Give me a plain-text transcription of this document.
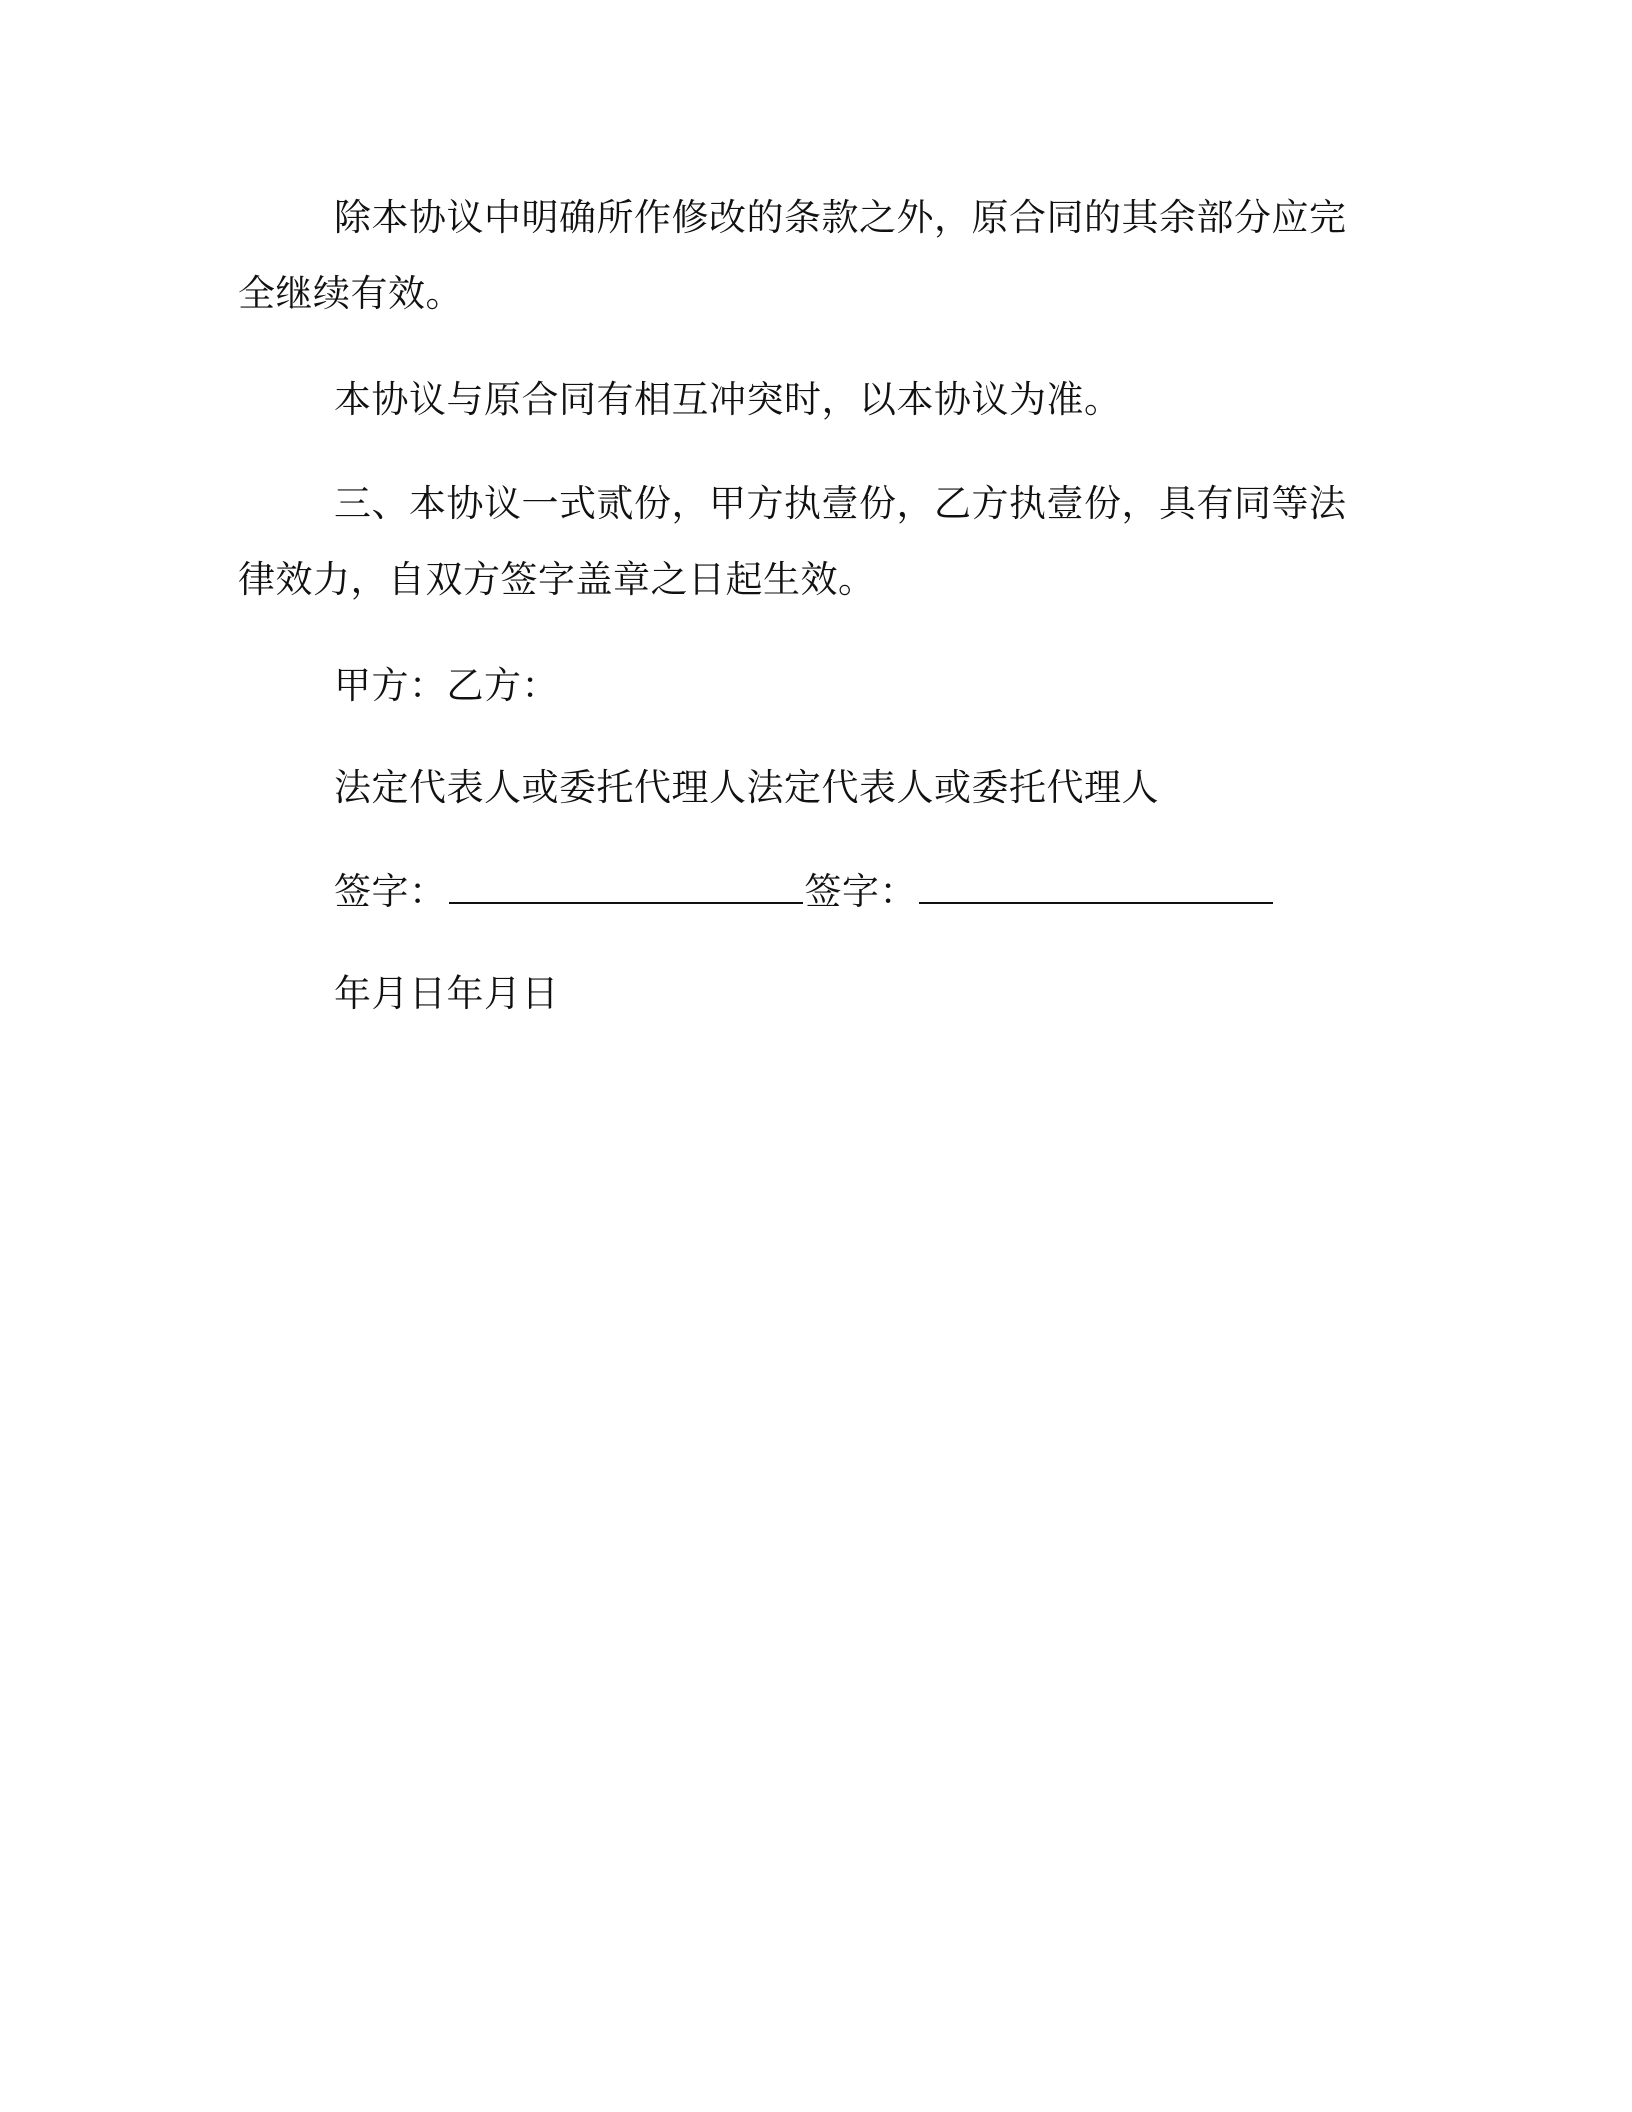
除本协议中明确所作修改的条款之外，原合同的其余部分应完全继续有效。

本协议与原合同有相互冲突时，以本协议为准。

三、本协议一式贰份，甲方执壹份，乙方执壹份，具有同等法律效力，自双方签字盖章之日起生效。

甲方：乙方：

法定代表人或委托代理人法定代表人或委托代理人

签字：	签字：

年月日年月日
